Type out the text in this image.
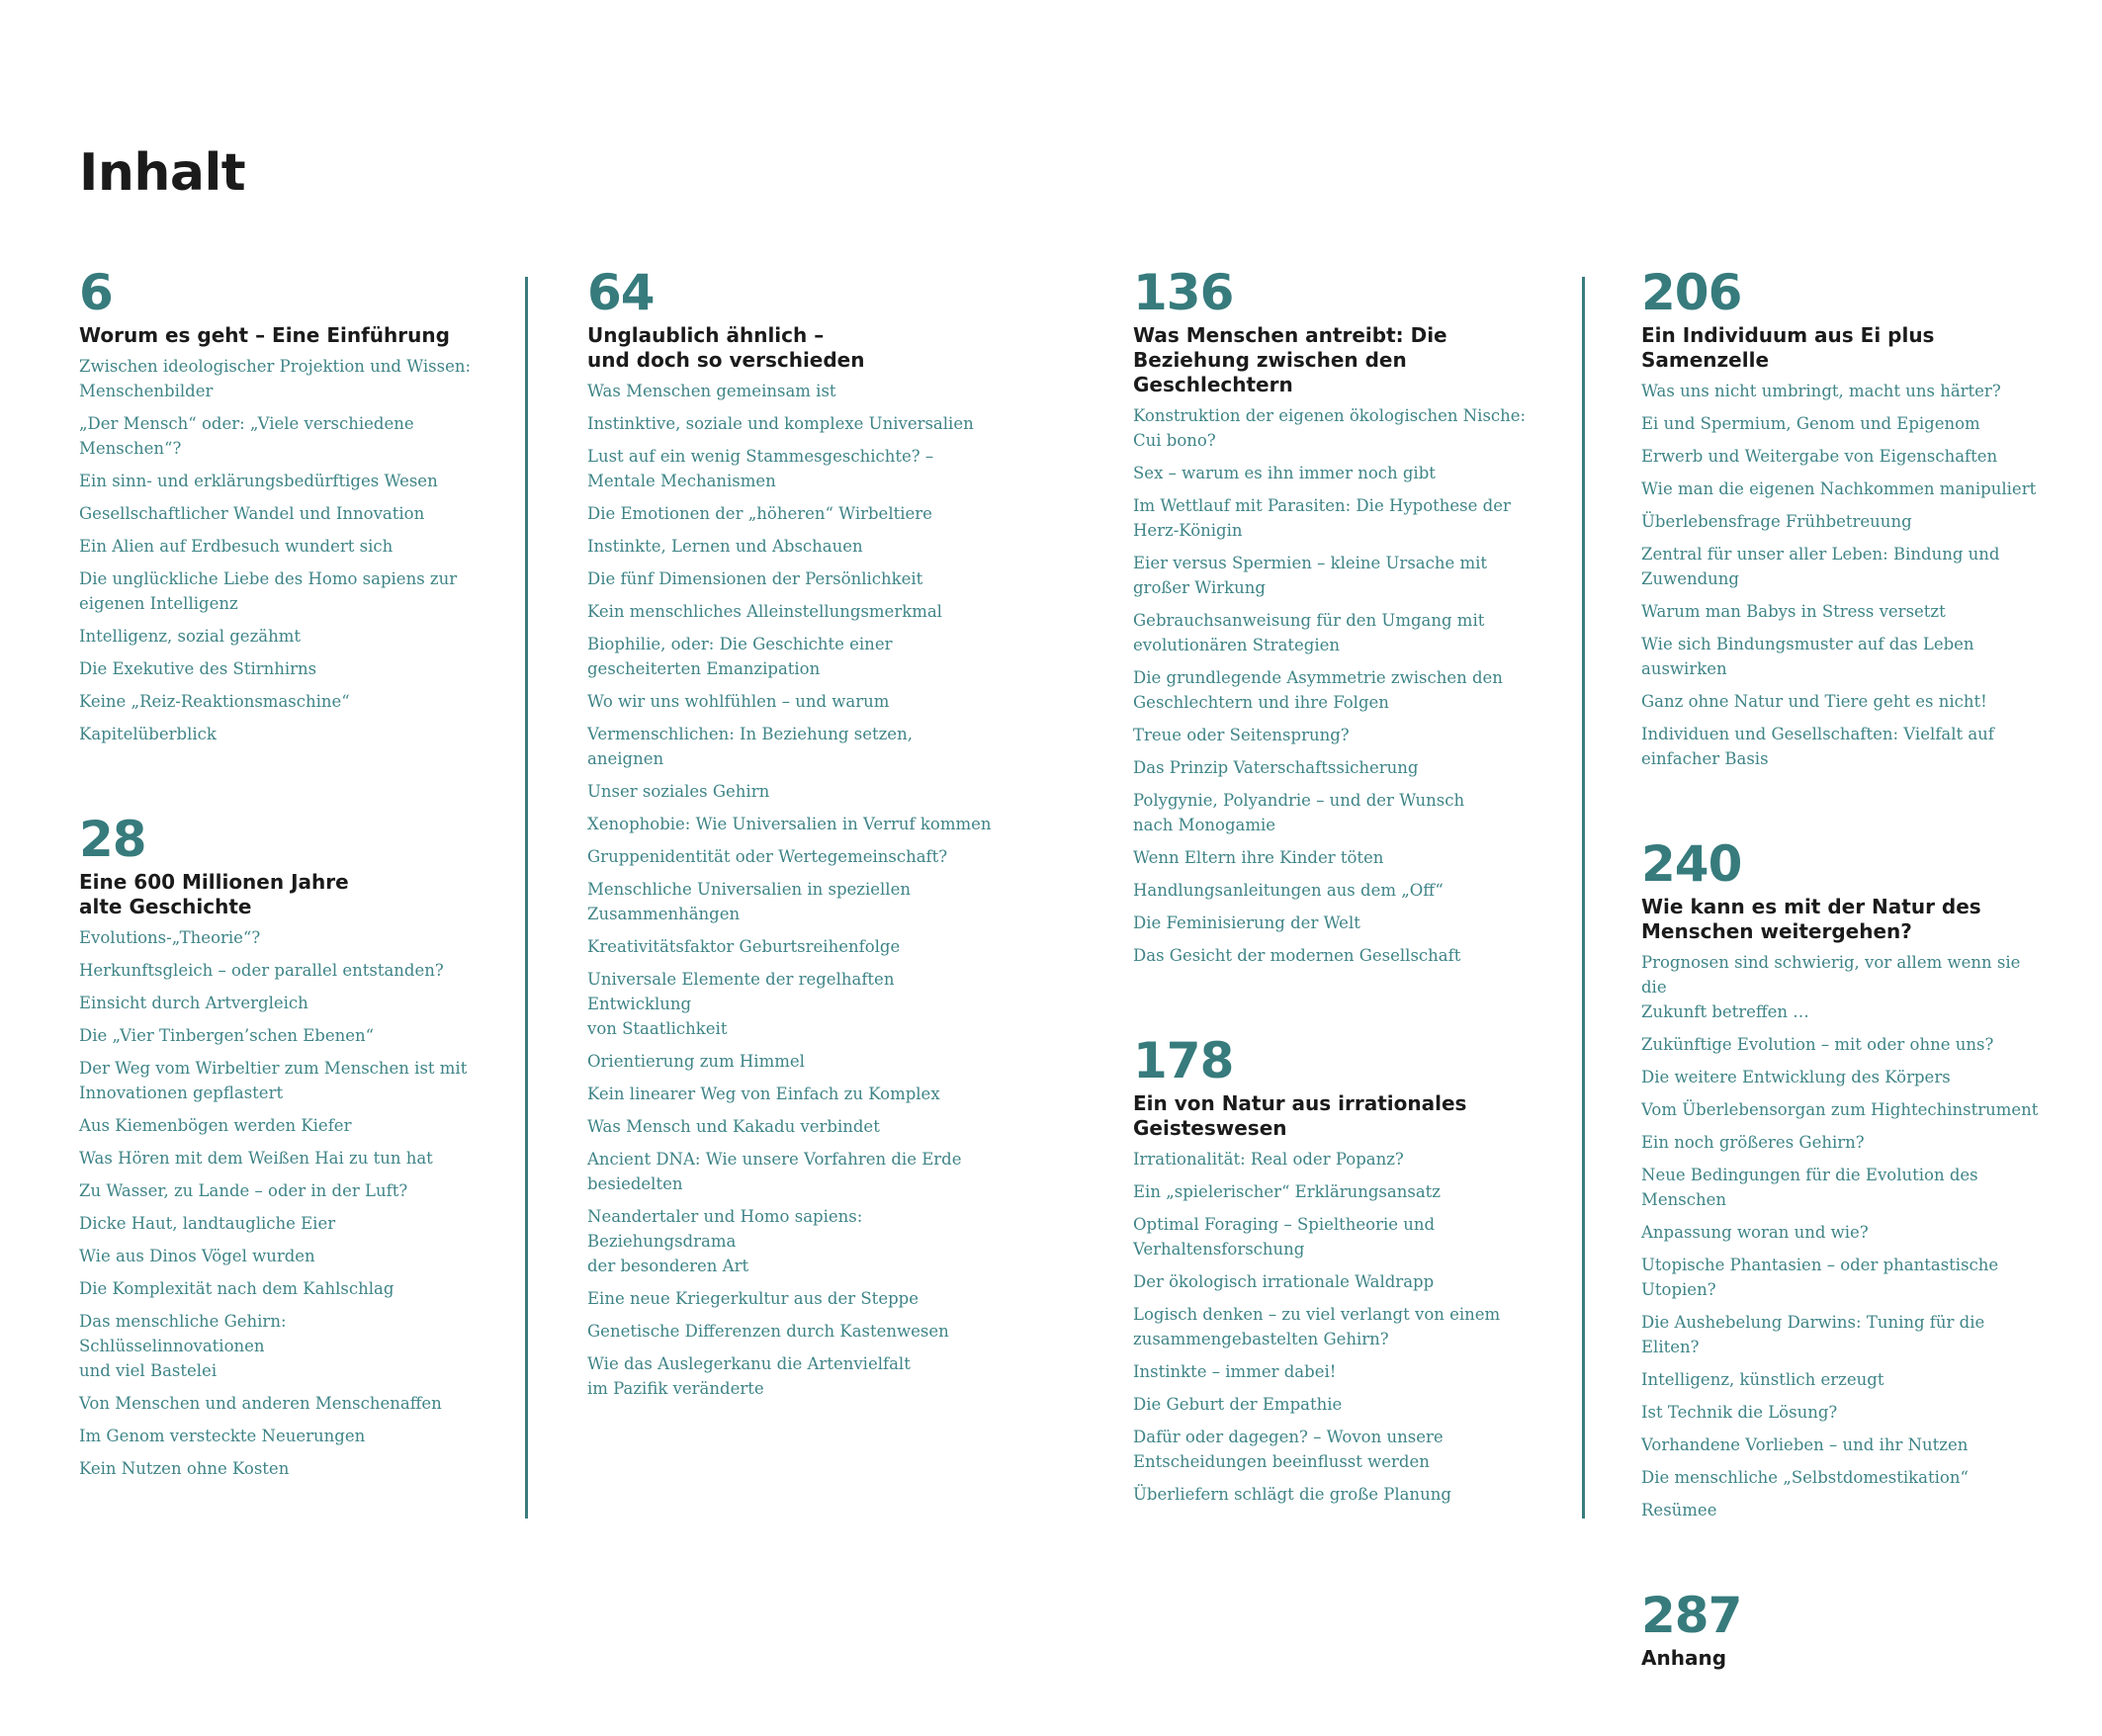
Inhalt
6
Worum es geht – Eine Einführung
Zwischen ideologischer Projektion und Wissen:
Menschenbilder
„Der Mensch“ oder: „Viele verschiedene Menschen“?
Ein sinn- und erklärungsbedürftiges Wesen
Gesellschaftlicher Wandel und Innovation
Ein Alien auf Erdbesuch wundert sich
Die unglückliche Liebe des Homo sapiens zur
eigenen Intelligenz
Intelligenz, sozial gezähmt
Die Exekutive des Stirnhirns
Keine „Reiz-Reaktionsmaschine“
Kapitelüberblick
28
Eine 600 Millionen Jahre
alte Geschichte
Evolutions-„Theorie“?
Herkunftsgleich – oder parallel entstanden?
Einsicht durch Artvergleich
Die „Vier Tinbergen’schen Ebenen“
Der Weg vom Wirbeltier zum Menschen ist mit
Innovationen gepflastert
Aus Kiemenbögen werden Kiefer
Was Hören mit dem Weißen Hai zu tun hat
Zu Wasser, zu Lande – oder in der Luft?
Dicke Haut, landtaugliche Eier
Wie aus Dinos Vögel wurden
Die Komplexität nach dem Kahlschlag
Das menschliche Gehirn: Schlüsselinnovationen
und viel Bastelei
Von Menschen und anderen Menschenaffen
Im Genom versteckte Neuerungen
Kein Nutzen ohne Kosten
64
Unglaublich ähnlich –
und doch so verschieden
Was Menschen gemeinsam ist
Instinktive, soziale und komplexe Universalien
Lust auf ein wenig Stammesgeschichte? –
Mentale Mechanismen
Die Emotionen der „höheren“ Wirbeltiere
Instinkte, Lernen und Abschauen
Die fünf Dimensionen der Persönlichkeit
Kein menschliches Alleinstellungsmerkmal
Biophilie, oder: Die Geschichte einer
gescheiterten Emanzipation
Wo wir uns wohlfühlen – und warum
Vermenschlichen: In Beziehung setzen, aneignen
Unser soziales Gehirn
Xenophobie: Wie Universalien in Verruf kommen
Gruppenidentität oder Wertegemeinschaft?
Menschliche Universalien in speziellen
Zusammenhängen
Kreativitätsfaktor Geburtsreihenfolge
Universale Elemente der regelhaften Entwicklung
von Staatlichkeit
Orientierung zum Himmel
Kein linearer Weg von Einfach zu Komplex
Was Mensch und Kakadu verbindet
Ancient DNA: Wie unsere Vorfahren die Erde
besiedelten
Neandertaler und Homo sapiens: Beziehungsdrama
der besonderen Art
Eine neue Kriegerkultur aus der Steppe
Genetische Differenzen durch Kastenwesen
Wie das Auslegerkanu die Artenvielfalt
im Pazifik veränderte
136
Was Menschen antreibt: Die
Beziehung zwischen den
Geschlechtern
Konstruktion der eigenen ökologischen Nische:
Cui bono?
Sex – warum es ihn immer noch gibt
Im Wettlauf mit Parasiten: Die Hypothese der
Herz-Königin
Eier versus Spermien – kleine Ursache mit
großer Wirkung
Gebrauchsanweisung für den Umgang mit
evolutionären Strategien
Die grundlegende Asymmetrie zwischen den
Geschlechtern und ihre Folgen
Treue oder Seitensprung?
Das Prinzip Vaterschaftssicherung
Polygynie, Polyandrie – und der Wunsch
nach Monogamie
Wenn Eltern ihre Kinder töten
Handlungsanleitungen aus dem „Off“
Die Feminisierung der Welt
Das Gesicht der modernen Gesellschaft
178
Ein von Natur aus irrationales
Geisteswesen
Irrationalität: Real oder Popanz?
Ein „spielerischer“ Erklärungsansatz
Optimal Foraging – Spieltheorie und
Verhaltensforschung
Der ökologisch irrationale Waldrapp
Logisch denken – zu viel verlangt von einem
zusammengebastelten Gehirn?
Instinkte – immer dabei!
Die Geburt der Empathie
Dafür oder dagegen? – Wovon unsere
Entscheidungen beeinflusst werden
Überliefern schlägt die große Planung
206
Ein Individuum aus Ei plus Samenzelle
Was uns nicht umbringt, macht uns härter?
Ei und Spermium, Genom und Epigenom
Erwerb und Weitergabe von Eigenschaften
Wie man die eigenen Nachkommen manipuliert
Überlebensfrage Frühbetreuung
Zentral für unser aller Leben: Bindung und
Zuwendung
Warum man Babys in Stress versetzt
Wie sich Bindungsmuster auf das Leben auswirken
Ganz ohne Natur und Tiere geht es nicht!
Individuen und Gesellschaften: Vielfalt auf
einfacher Basis
240
Wie kann es mit der Natur des
Menschen weitergehen?
Prognosen sind schwierig, vor allem wenn sie die
Zukunft betreffen …
Zukünftige Evolution – mit oder ohne uns?
Die weitere Entwicklung des Körpers
Vom Überlebensorgan zum Hightechinstrument
Ein noch größeres Gehirn?
Neue Bedingungen für die Evolution des Menschen
Anpassung woran und wie?
Utopische Phantasien – oder phantastische Utopien?
Die Aushebelung Darwins: Tuning für die Eliten?
Intelligenz, künstlich erzeugt
Ist Technik die Lösung?
Vorhandene Vorlieben – und ihr Nutzen
Die menschliche „Selbstdomestikation“
Resümee
287
Anhang
